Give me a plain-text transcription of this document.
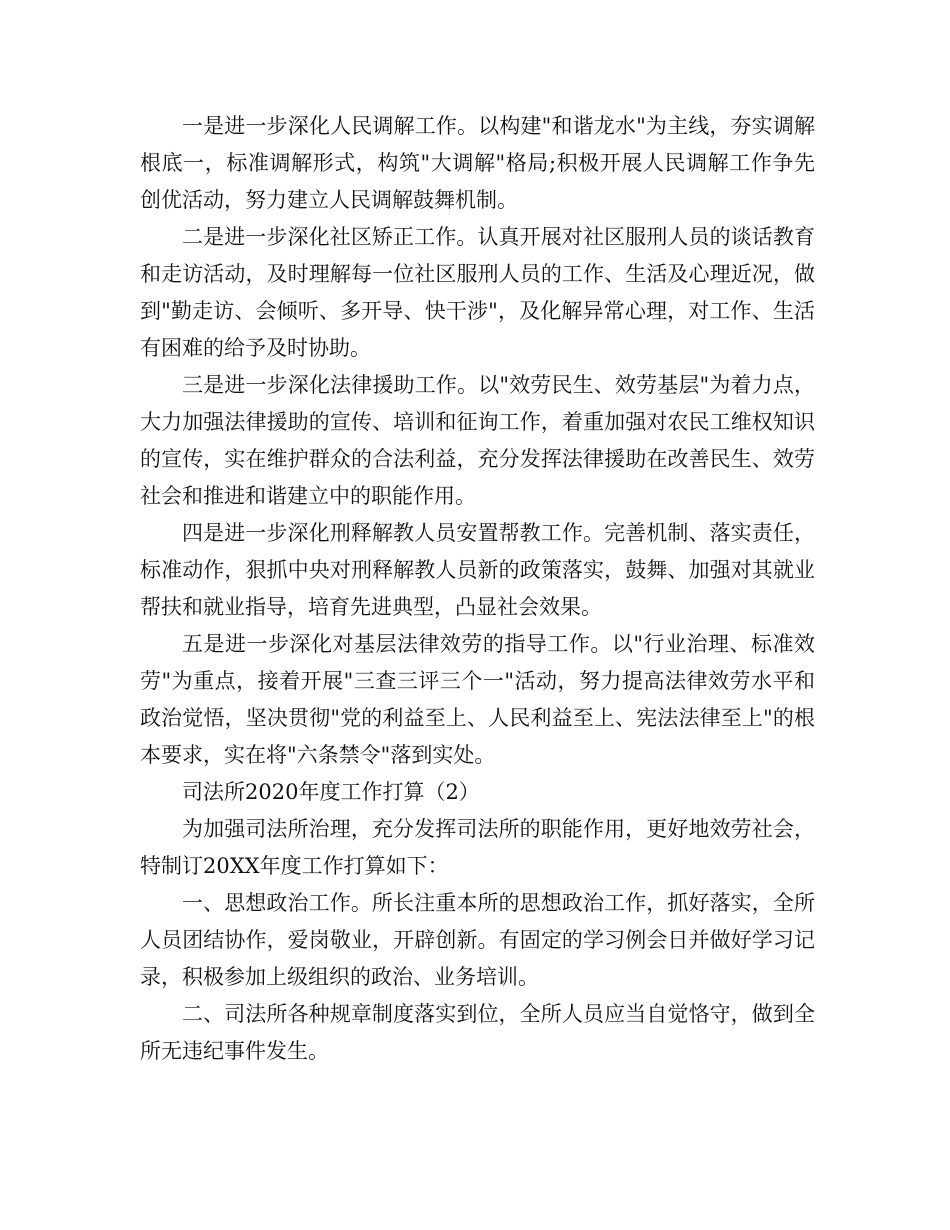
一是进一步深化人民调解工作。以构建"和谐龙水"为主线，夯实调解根底一，标准调解形式，构筑"大调解"格局;积极开展人民调解工作争先创优活动，努力建立人民调解鼓舞机制。

二是进一步深化社区矫正工作。认真开展对社区服刑人员的谈话教育和走访活动，及时理解每一位社区服刑人员的工作、生活及心理近况，做到"勤走访、会倾听、多开导、快干涉"，及化解异常心理，对工作、生活有困难的给予及时协助。

三是进一步深化法律援助工作。以"效劳民生、效劳基层"为着力点，大力加强法律援助的宣传、培训和征询工作，着重加强对农民工维权知识的宣传，实在维护群众的合法利益，充分发挥法律援助在改善民生、效劳社会和推进和谐建立中的职能作用。

四是进一步深化刑释解教人员安置帮教工作。完善机制、落实责任，标准动作，狠抓中央对刑释解教人员新的政策落实，鼓舞、加强对其就业帮扶和就业指导，培育先进典型，凸显社会效果。

五是进一步深化对基层法律效劳的指导工作。以"行业治理、标准效劳"为重点，接着开展"三查三评三个一"活动，努力提高法律效劳水平和政治觉悟，坚决贯彻"党的利益至上、人民利益至上、宪法法律至上"的根本要求，实在将"六条禁令"落到实处。

司法所2020年度工作打算（2）

为加强司法所治理，充分发挥司法所的职能作用，更好地效劳社会，特制订20XX年度工作打算如下：

一、思想政治工作。所长注重本所的思想政治工作，抓好落实，全所人员团结协作，爱岗敬业，开辟创新。有固定的学习例会日并做好学习记录，积极参加上级组织的政治、业务培训。

二、司法所各种规章制度落实到位，全所人员应当自觉恪守，做到全所无违纪事件发生。
